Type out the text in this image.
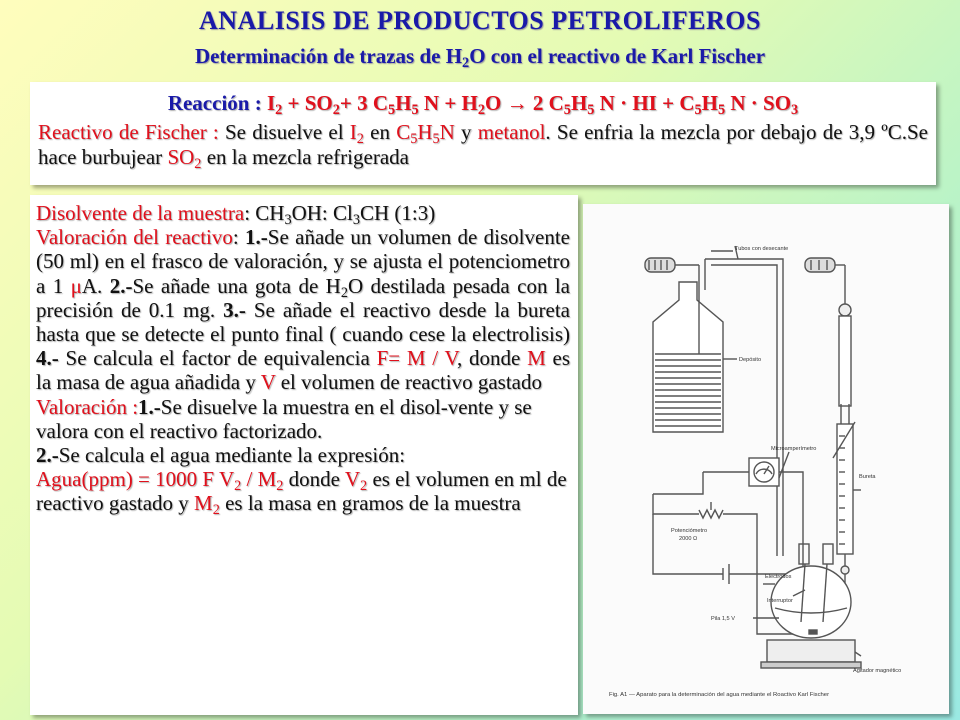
ANALISIS DE PRODUCTOS PETROLIFEROS
Determinación de trazas de $H_2O$ con el reactivo de Karl Fischer
Reacción : $I_2 + SO_2+ 3$ $C_5H_5$ $N + H_2O \to 2$ $C_5H_5$ N · HI + $C_5H_5$ $N \cdot SO_3$
Reactivo de Fischer : Se disuelve el $I_2$ en $C_5H_5N$ y metanol. Se enfria la mezcla por debajo de 3,9 ºC.Se hace burbujear $SO_2$ en la mezcla refrigerada
Disolvente de la muestra: $CH_3OH$: $Cl_3CH$ (1:3)
Valoración del reactivo: 1.-Se añade un volumen de disolvente (50 ml) en el frasco de valoración, y se ajusta el potenciometro a 1 μA. 2.-Se añade una gota de $H_2O$ destilada pesada con la precisión de 0.1 mg. 3.- Se añade el reactivo desde la bureta hasta que se detecte el punto final ( cuando cese la electrolisis) 4.- Se calcula el factor de equivalencia F= M / V, donde M es la masa de agua añadida y V el volumen de reactivo gastado
Valoración :1.-Se disuelve la muestra en el disol-vente y se valora con el reactivo factorizado.
2.-Se calcula el agua mediante la expresión:
Agua(ppm) = 1000 F $V_2 / M_2$ donde $V_2$ es el volumen en ml de reactivo gastado y $M_2$ es la masa en gramos de la muestra
Tubos con desecante
Depósito
Bureta
Microamperímetro
Potenciómetro
2000 Ω
Electrodos
Interruptor
Pila 1,5 V
Agitador magnético
Fig. A1 — Aparato para la determinación del agua mediante el Roactivo Karl Fischer
